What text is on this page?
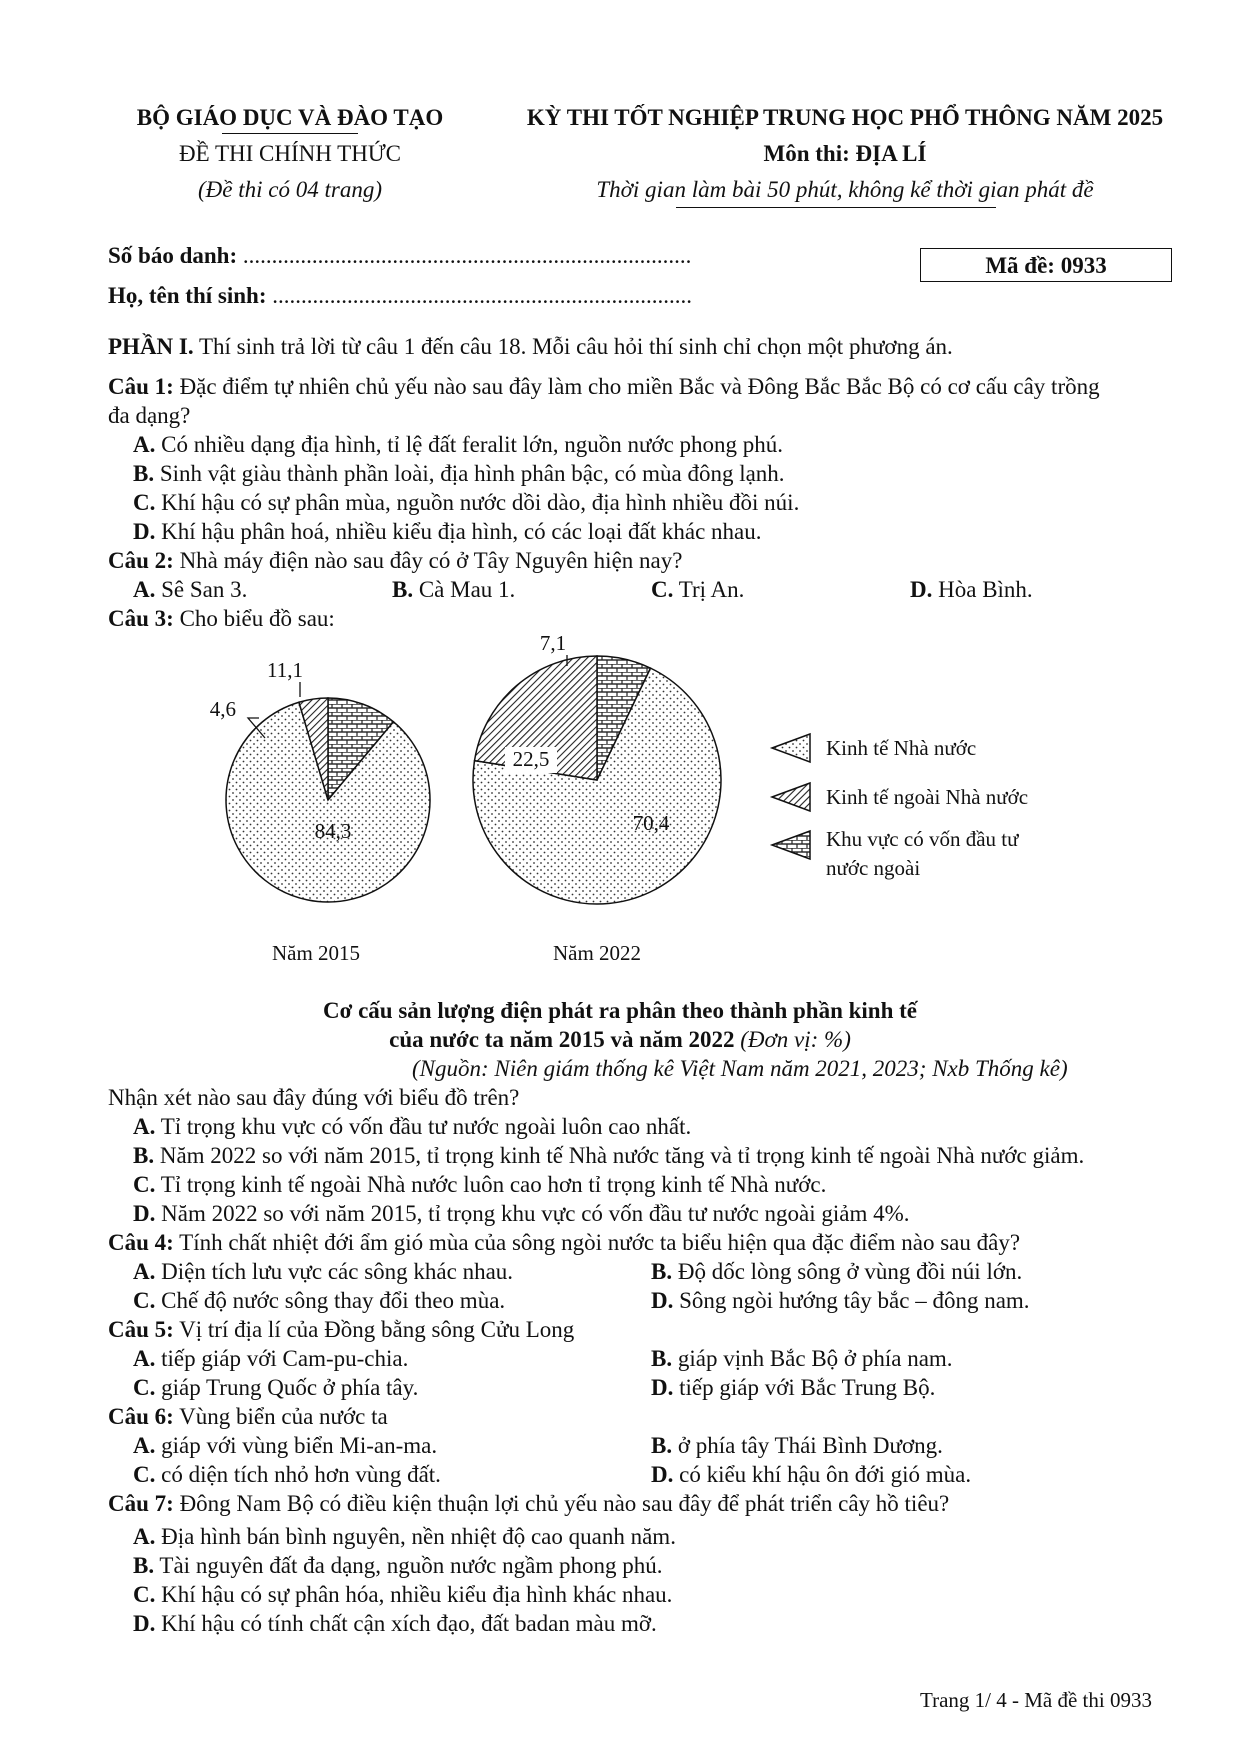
BỘ GIÁO DỤC VÀ ĐÀO TẠO
ĐỀ THI CHÍNH THỨC
(Đề thi có 04 trang)
KỲ THI TỐT NGHIỆP TRUNG HỌC PHỔ THÔNG NĂM 2025
Môn thi: ĐỊA LÍ
Thời gian làm bài 50 phút, không kể thời gian phát đề
Số báo danh: ..............................................................................
Họ, tên thí sinh: .........................................................................
Mã đề: 0933
PHẦN I. Thí sinh trả lời từ câu 1 đến câu 18. Mỗi câu hỏi thí sinh chỉ chọn một phương án.
Câu 1: Đặc điểm tự nhiên chủ yếu nào sau đây làm cho miền Bắc và Đông Bắc Bắc Bộ có cơ cấu cây trồng
đa dạng?
A. Có nhiều dạng địa hình, tỉ lệ đất feralit lớn, nguồn nước phong phú.
B. Sinh vật giàu thành phần loài, địa hình phân bậc, có mùa đông lạnh.
C. Khí hậu có sự phân mùa, nguồn nước dồi dào, địa hình nhiều đồi núi.
D. Khí hậu phân hoá, nhiều kiểu địa hình, có các loại đất khác nhau.
Câu 2: Nhà máy điện nào sau đây có ở Tây Nguyên hiện nay?
A. Sê San 3.	B. Cà Mau 1.	C. Trị An.	D. Hòa Bình.
Câu 3: Cho biểu đồ sau:
84,3
4,6
11,1
Năm 2015
70,4
22,5
7,1
Năm 2022
Kinh tế Nhà nước
Kinh tế ngoài Nhà nước
Khu vực có vốn đầu tư
nước ngoài
Cơ cấu sản lượng điện phát ra phân theo thành phần kinh tế
của nước ta năm 2015 và năm 2022 (Đơn vị: %)
(Nguồn: Niên giám thống kê Việt Nam năm 2021, 2023; Nxb Thống kê)
Nhận xét nào sau đây đúng với biểu đồ trên?
A. Tỉ trọng khu vực có vốn đầu tư nước ngoài luôn cao nhất.
B. Năm 2022 so với năm 2015, tỉ trọng kinh tế Nhà nước tăng và tỉ trọng kinh tế ngoài Nhà nước giảm.
C. Tỉ trọng kinh tế ngoài Nhà nước luôn cao hơn tỉ trọng kinh tế Nhà nước.
D. Năm 2022 so với năm 2015, tỉ trọng khu vực có vốn đầu tư nước ngoài giảm 4%.
Câu 4: Tính chất nhiệt đới ẩm gió mùa của sông ngòi nước ta biểu hiện qua đặc điểm nào sau đây?
A. Diện tích lưu vực các sông khác nhau.	B. Độ dốc lòng sông ở vùng đồi núi lớn.
C. Chế độ nước sông thay đổi theo mùa.	D. Sông ngòi hướng tây bắc – đông nam.
Câu 5: Vị trí địa lí của Đồng bằng sông Cửu Long
A. tiếp giáp với Cam-pu-chia.	B. giáp vịnh Bắc Bộ ở phía nam.
C. giáp Trung Quốc ở phía tây.	D. tiếp giáp với Bắc Trung Bộ.
Câu 6: Vùng biển của nước ta
A. giáp với vùng biển Mi-an-ma.	B. ở phía tây Thái Bình Dương.
C. có diện tích nhỏ hơn vùng đất.	D. có kiểu khí hậu ôn đới gió mùa.
Câu 7: Đông Nam Bộ có điều kiện thuận lợi chủ yếu nào sau đây để phát triển cây hồ tiêu?
A. Địa hình bán bình nguyên, nền nhiệt độ cao quanh năm.
B. Tài nguyên đất đa dạng, nguồn nước ngầm phong phú.
C. Khí hậu có sự phân hóa, nhiều kiểu địa hình khác nhau.
D. Khí hậu có tính chất cận xích đạo, đất badan màu mỡ.
Trang 1/ 4 - Mã đề thi 0933
